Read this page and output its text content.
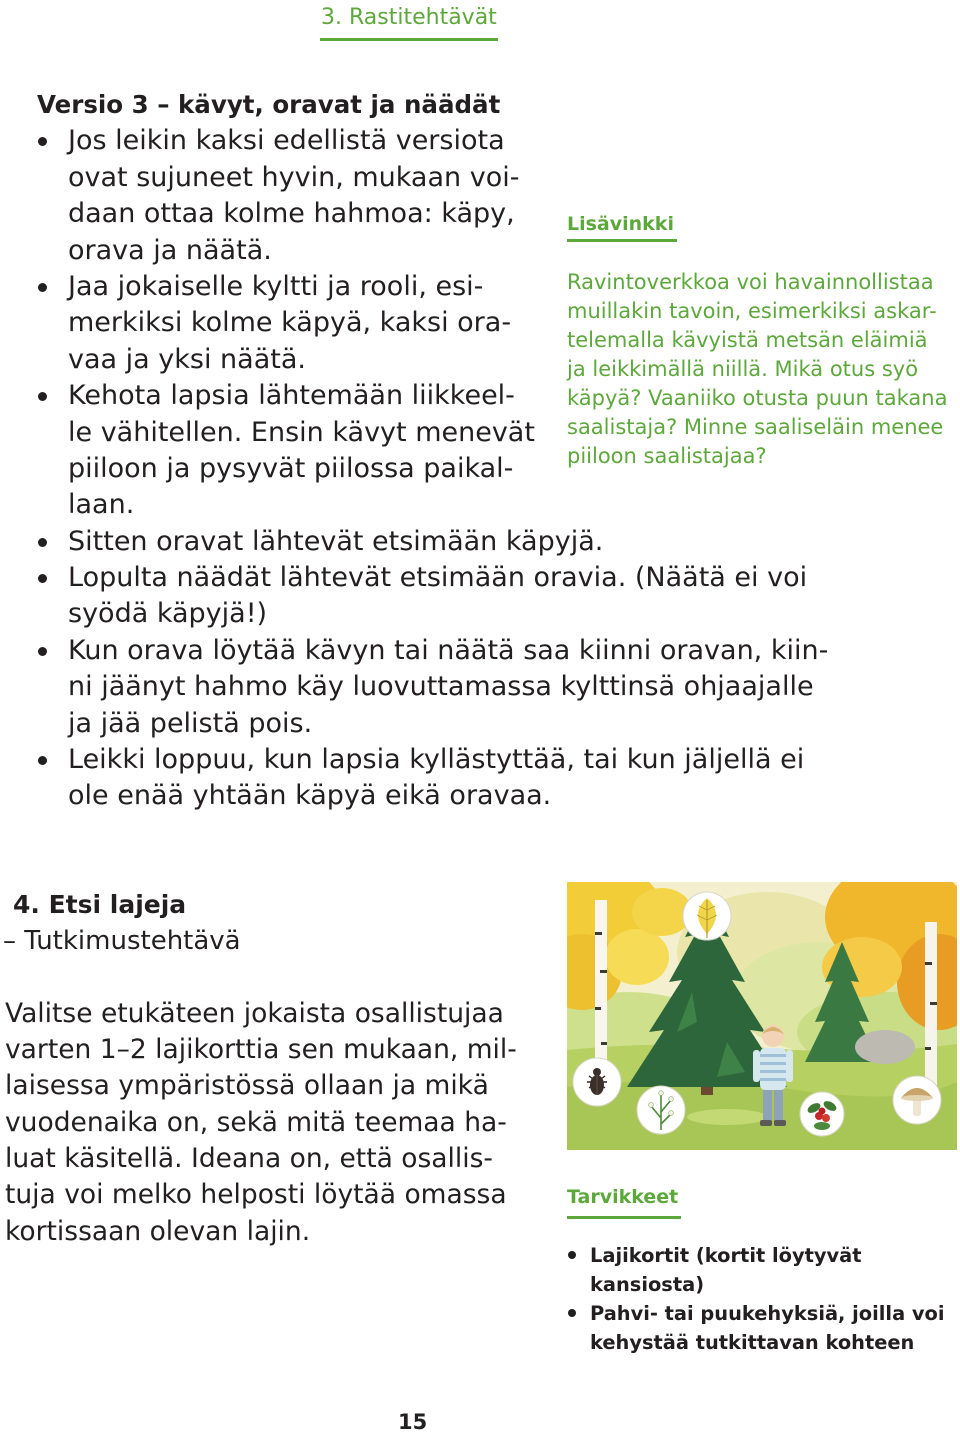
3. Rastitehtävät
Versio 3 – kävyt, oravat ja näädät
Jos leikin kaksi edellistä versiota
ovat sujuneet hyvin, mukaan voi-
daan ottaa kolme hahmoa: käpy,
orava ja näätä.
Jaa jokaiselle kyltti ja rooli, esi-
merkiksi kolme käpyä, kaksi ora-
vaa ja yksi näätä.
Kehota lapsia lähtemään liikkeel-
le vähitellen. Ensin kävyt menevät
piiloon ja pysyvät piilossa paikal-
laan.
Sitten oravat lähtevät etsimään käpyjä.
Lopulta näädät lähtevät etsimään oravia. (Näätä ei voi
syödä käpyjä!)
Kun orava löytää kävyn tai näätä saa kiinni oravan, kiin-
ni jäänyt hahmo käy luovuttamassa kylttinsä ohjaajalle
ja jää pelistä pois.
Leikki loppuu, kun lapsia kyllästyttää, tai kun jäljellä ei
ole enää yhtään käpyä eikä oravaa.
Lisävinkki
Ravintoverkkoa voi havainnollistaa
muillakin tavoin, esimerkiksi askar-
telemalla kävyistä metsän eläimiä
ja leikkimällä niillä. Mikä otus syö
käpyä? Vaaniiko otusta puun takana
saalistaja? Minne saaliseläin menee
piiloon saalistajaa?
4. Etsi lajeja
– Tutkimustehtävä
Valitse etukäteen jokaista osallistujaa
varten 1–2 lajikorttia sen mukaan, mil-
laisessa ympäristössä ollaan ja mikä
vuodenaika on, sekä mitä teemaa ha-
luat käsitellä. Ideana on, että osallis-
tuja voi melko helposti löytää omassa
kortissaan olevan lajin.
Tarvikkeet
Lajikortit (kortit löytyvät
kansiosta)
Pahvi- tai puukehyksiä, joilla voi
kehystää tutkittavan kohteen
15
